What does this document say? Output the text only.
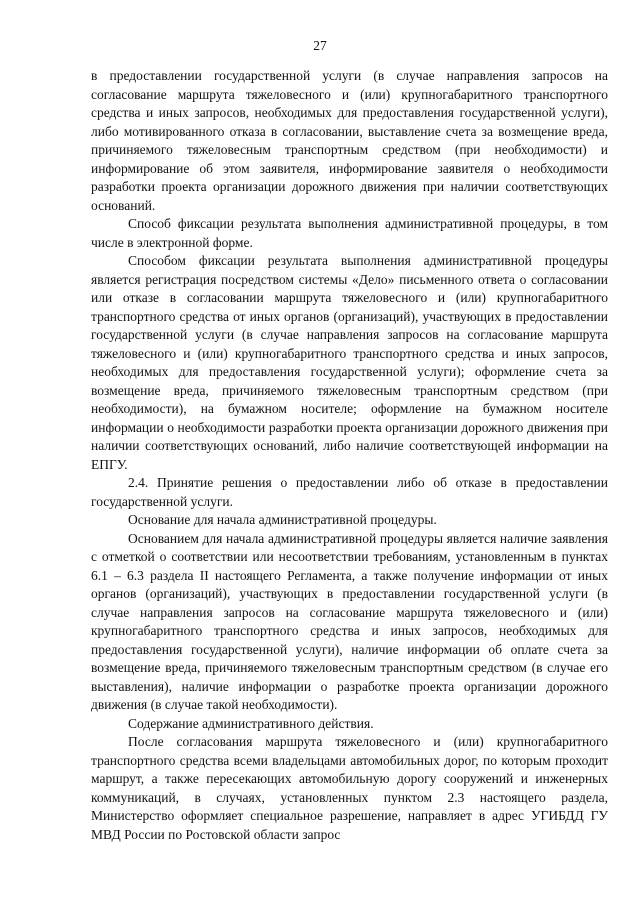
27

в предоставлении государственной услуги (в случае направления запросов на согласование маршрута тяжеловесного и (или) крупногабаритного транспортного средства и иных запросов, необходимых для предоставления государственной услуги), либо мотивированного отказа в согласовании, выставление счета за возмещение вреда, причиняемого тяжеловесным транспортным средством (при необходимости) и информирование об этом заявителя, информирование заявителя о необходимости разработки проекта организации дорожного движения при наличии соответствующих оснований.

Способ фиксации результата выполнения административной процедуры, в том числе в электронной форме.

Способом фиксации результата выполнения административной процедуры является регистрация посредством системы «Дело» письменного ответа о согласовании или отказе в согласовании маршрута тяжеловесного и (или) крупногабаритного транспортного средства от иных органов (организаций), участвующих в предоставлении государственной услуги (в случае направления запросов на согласование маршрута тяжеловесного и (или) крупногабаритного транспортного средства и иных запросов, необходимых для предоставления государственной услуги); оформление счета за возмещение вреда, причиняемого тяжеловесным транспортным средством (при необходимости), на бумажном носителе; оформление на бумажном носителе информации о необходимости разработки проекта организации дорожного движения при наличии соответствующих оснований, либо наличие соответствующей информации на ЕПГУ.

2.4. Принятие решения о предоставлении либо об отказе в предоставлении государственной услуги.

Основание для начала административной процедуры.

Основанием для начала административной процедуры является наличие заявления с отметкой о соответствии или несоответствии требованиям, установленным в пунктах 6.1 – 6.3 раздела II настоящего Регламента, а также получение информации от иных органов (организаций), участвующих в предоставлении государственной услуги (в случае направления запросов на согласование маршрута тяжеловесного и (или) крупногабаритного транспортного средства и иных запросов, необходимых для предоставления государственной услуги), наличие информации об оплате счета за возмещение вреда, причиняемого тяжеловесным транспортным средством (в случае его выставления), наличие информации о разработке проекта организации дорожного движения (в случае такой необходимости).

Содержание административного действия.

После согласования маршрута тяжеловесного и (или) крупногабаритного транспортного средства всеми владельцами автомобильных дорог, по которым проходит маршрут, а также пересекающих автомобильную дорогу сооружений и инженерных коммуникаций, в случаях, установленных пунктом 2.3 настоящего раздела, Министерство оформляет специальное разрешение, направляет в адрес УГИБДД ГУ МВД России по Ростовской области запрос
